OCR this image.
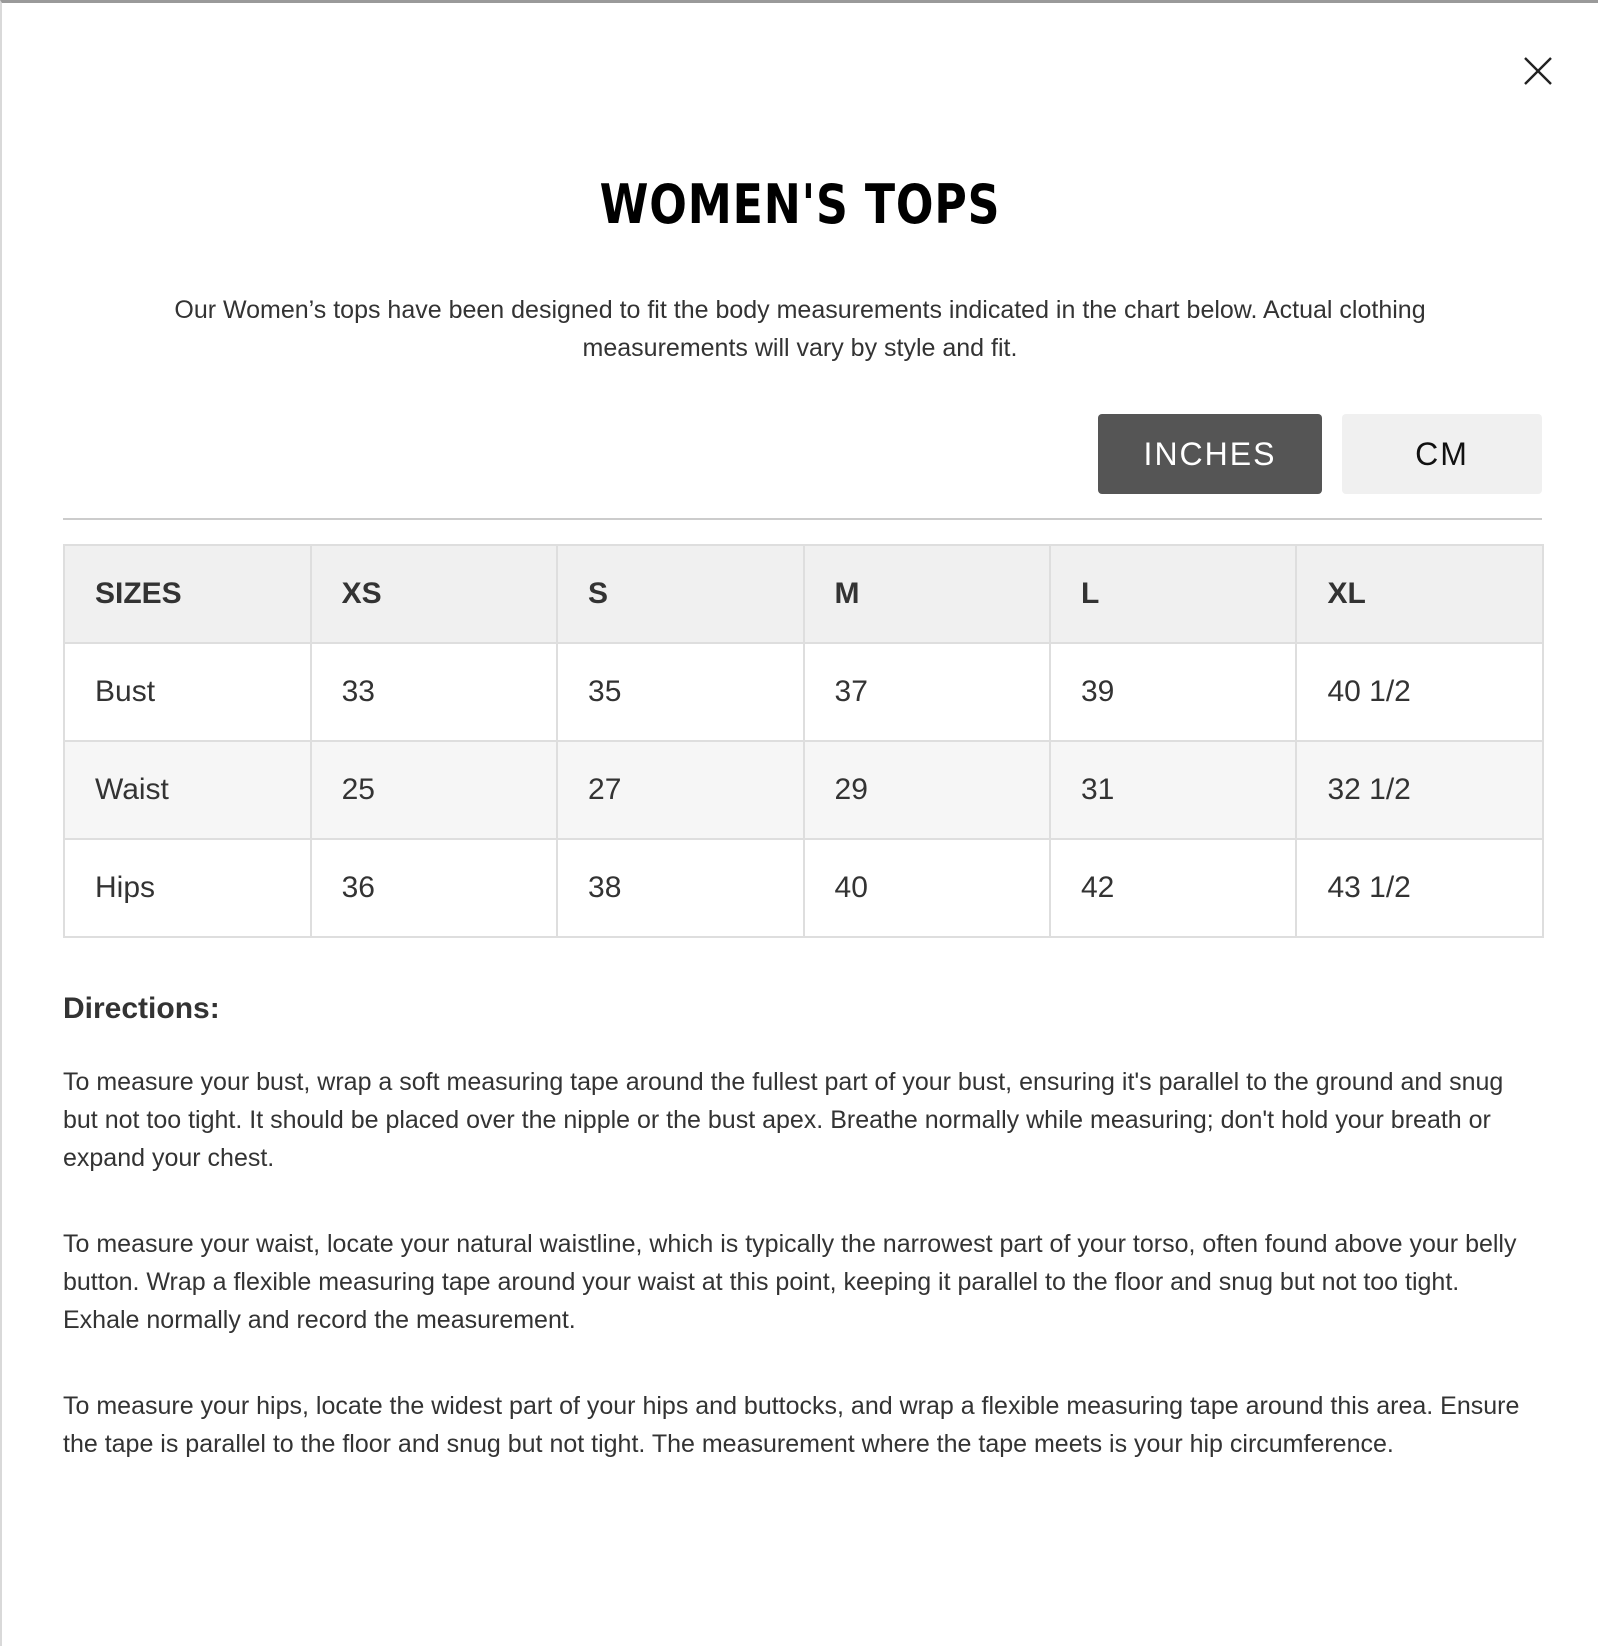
WOMEN'S TOPS

Our Women’s tops have been designed to fit the body measurements indicated in the chart below. Actual clothing measurements will vary by style and fit.

INCHES	CM
SIZES	XS	S	M	L	XL
Bust	33	35	37	39	40 1/2
Waist	25	27	29	31	32 1/2
Hips	36	38	40	42	43 1/2
Directions:

To measure your bust, wrap a soft measuring tape around the fullest part of your bust, ensuring it's parallel to the ground and snug but not too tight. It should be placed over the nipple or the bust apex. Breathe normally while measuring; don't hold your breath or expand your chest.

To measure your waist, locate your natural waistline, which is typically the narrowest part of your torso, often found above your belly button. Wrap a flexible measuring tape around your waist at this point, keeping it parallel to the floor and snug but not too tight. Exhale normally and record the measurement.

To measure your hips, locate the widest part of your hips and buttocks, and wrap a flexible measuring tape around this area. Ensure the tape is parallel to the floor and snug but not tight. The measurement where the tape meets is your hip circumference.
